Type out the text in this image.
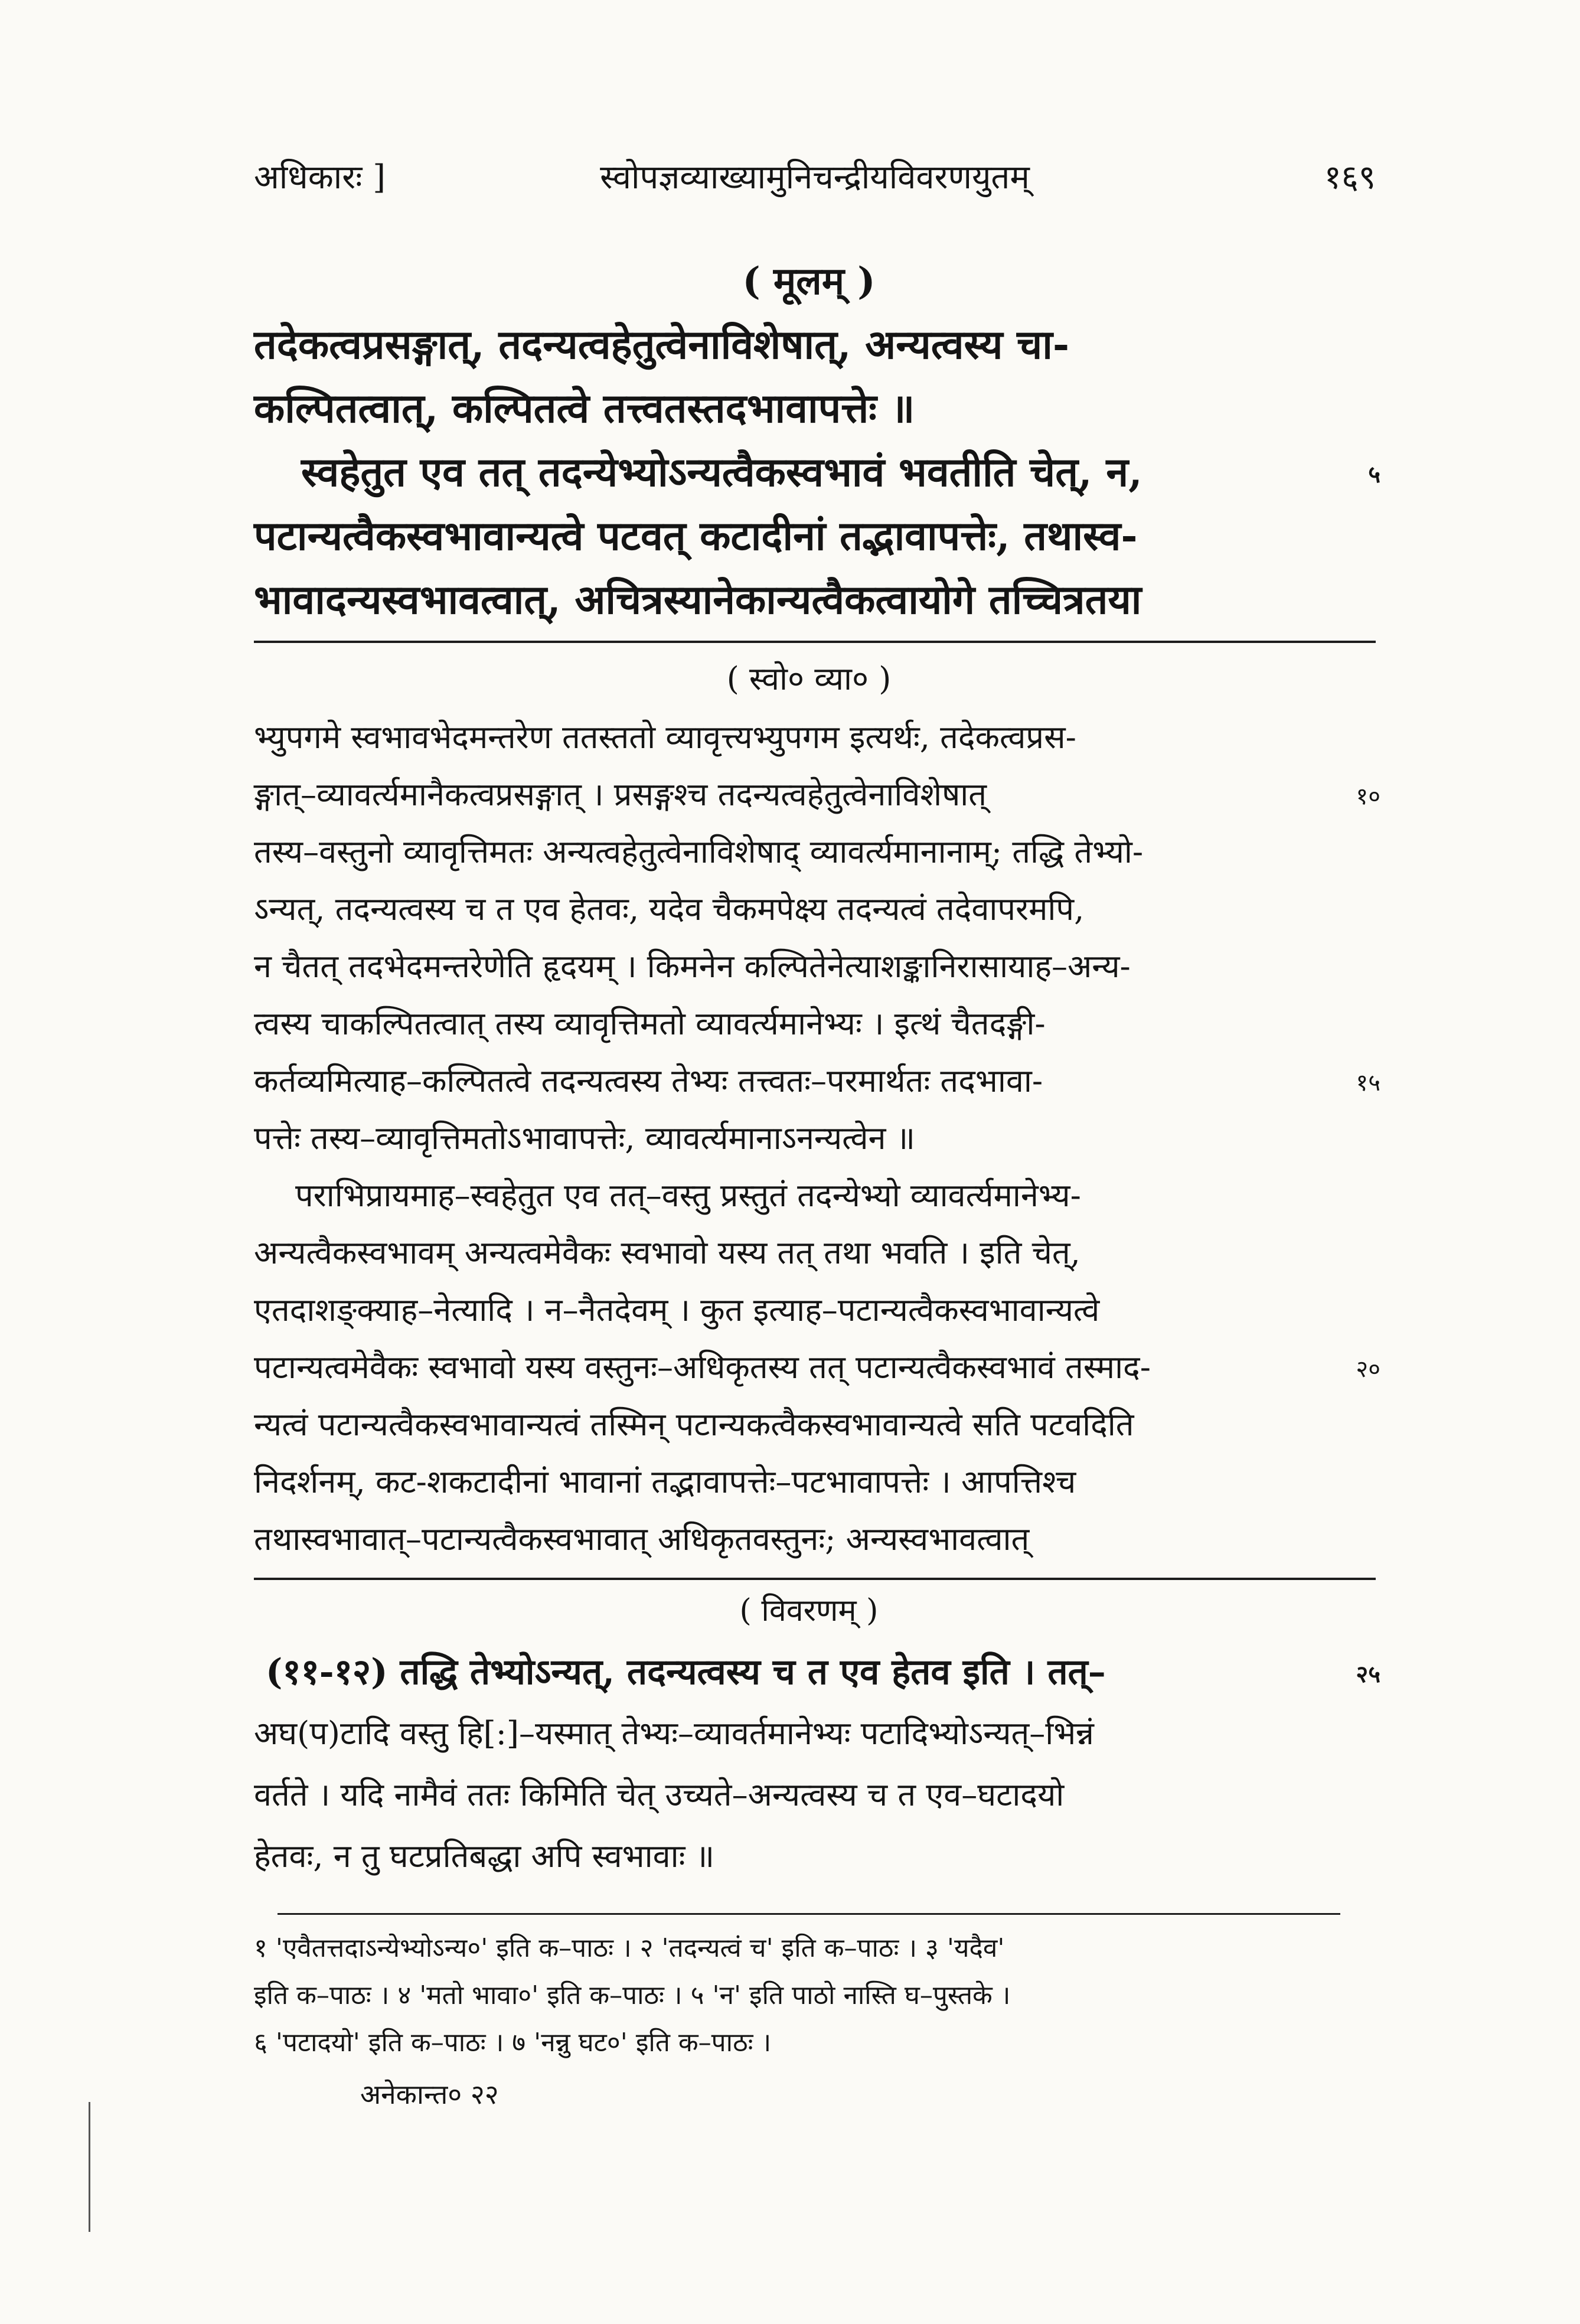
अधिकारः ]	स्वोपज्ञव्याख्यामुनिचन्द्रीयविवरणयुतम्	१६९
( मूलम् )
तदेकत्वप्रसङ्गात्, तदन्यत्वहेतुत्वेनाविशेषात्, अन्यत्वस्य चा-
कल्पितत्वात्, कल्पितत्वे तत्त्वतस्तदभावापत्तेः ॥
स्वहेतुत एव तत् तदन्येभ्योऽन्यत्वैकस्वभावं भवतीति चेत्, न,	५
पटान्यत्वैकस्वभावान्यत्वे पटवत् कटादीनां तद्भावापत्तेः, तथास्व-
भावादन्यस्वभावत्वात्, अचित्रस्यानेकान्यत्वैकत्वायोगे तच्चित्रतया
( स्वो० व्या० )
भ्युपगमे स्वभावभेदमन्तरेण ततस्ततो व्यावृत्त्यभ्युपगम इत्यर्थः, तदेकत्वप्रस-
ङ्गात्–व्यावर्त्यमानैकत्वप्रसङ्गात् । प्रसङ्गश्च तदन्यत्वहेतुत्वेनाविशेषात्	१०
तस्य–वस्तुनो व्यावृत्तिमतः अन्यत्वहेतुत्वेनाविशेषाद् व्यावर्त्यमानानाम्; तद्धि तेभ्यो-
ऽन्यत्, तदन्यत्वस्य च त एव हेतवः, यदेव चैकमपेक्ष्य तदन्यत्वं तदेवापरमपि,
न चैतत् तदभेदमन्तरेणेति हृदयम् । किमनेन कल्पितेनेत्याशङ्कानिरासायाह–अन्य-
त्वस्य चाकल्पितत्वात् तस्य व्यावृत्तिमतो व्यावर्त्यमानेभ्यः । इत्थं चैतदङ्गी-
कर्तव्यमित्याह–कल्पितत्वे तदन्यत्वस्य तेभ्यः तत्त्वतः–परमार्थतः तदभावा-	१५
पत्तेः तस्य–व्यावृत्तिमतोऽभावापत्तेः, व्यावर्त्यमानाऽनन्यत्वेन ॥
पराभिप्रायमाह–स्वहेतुत एव तत्–वस्तु प्रस्तुतं तदन्येभ्यो व्यावर्त्यमानेभ्य-
अन्यत्वैकस्वभावम् अन्यत्वमेवैकः स्वभावो यस्य तत् तथा भवति । इति चेत्,
एतदाशङ्क्याह–नेत्यादि । न–नैतदेवम् । कुत इत्याह–पटान्यत्वैकस्वभावान्यत्वे
पटान्यत्वमेवैकः स्वभावो यस्य वस्तुनः–अधिकृतस्य तत् पटान्यत्वैकस्वभावं तस्माद-	२०
न्यत्वं पटान्यत्वैकस्वभावान्यत्वं तस्मिन् पटान्यकत्वैकस्वभावान्यत्वे सति पटवदिति
निदर्शनम्, कट-शकटादीनां भावानां तद्भावापत्तेः–पटभावापत्तेः । आपत्तिश्च
तथास्वभावात्–पटान्यत्वैकस्वभावात् अधिकृतवस्तुनः; अन्यस्वभावत्वात्
( विवरणम् )
(११-१२) तद्धि तेभ्योऽन्यत्, तदन्यत्वस्य च त एव हेतव इति । तत्–	२५
अघ(प)टादि वस्तु हि[:]–यस्मात् तेभ्यः–व्यावर्तमानेभ्यः पटादिभ्योऽन्यत्–भिन्नं
वर्तते । यदि नामैवं ततः किमिति चेत् उच्यते–अन्यत्वस्य च त एव–घटादयो
हेतवः, न तु घटप्रतिबद्धा अपि स्वभावाः ॥
१ 'एवैतत्तदाऽन्येभ्योऽन्य०' इति क–पाठः । २ 'तदन्यत्वं च' इति क–पाठः । ३ 'यदैव'
इति क–पाठः । ४ 'मतो भावा०' इति क–पाठः । ५ 'न' इति पाठो नास्ति घ–पुस्तके ।
६ 'पटादयो' इति क–पाठः । ७ 'नन्नु घट०' इति क–पाठः ।
अनेकान्त० २२
